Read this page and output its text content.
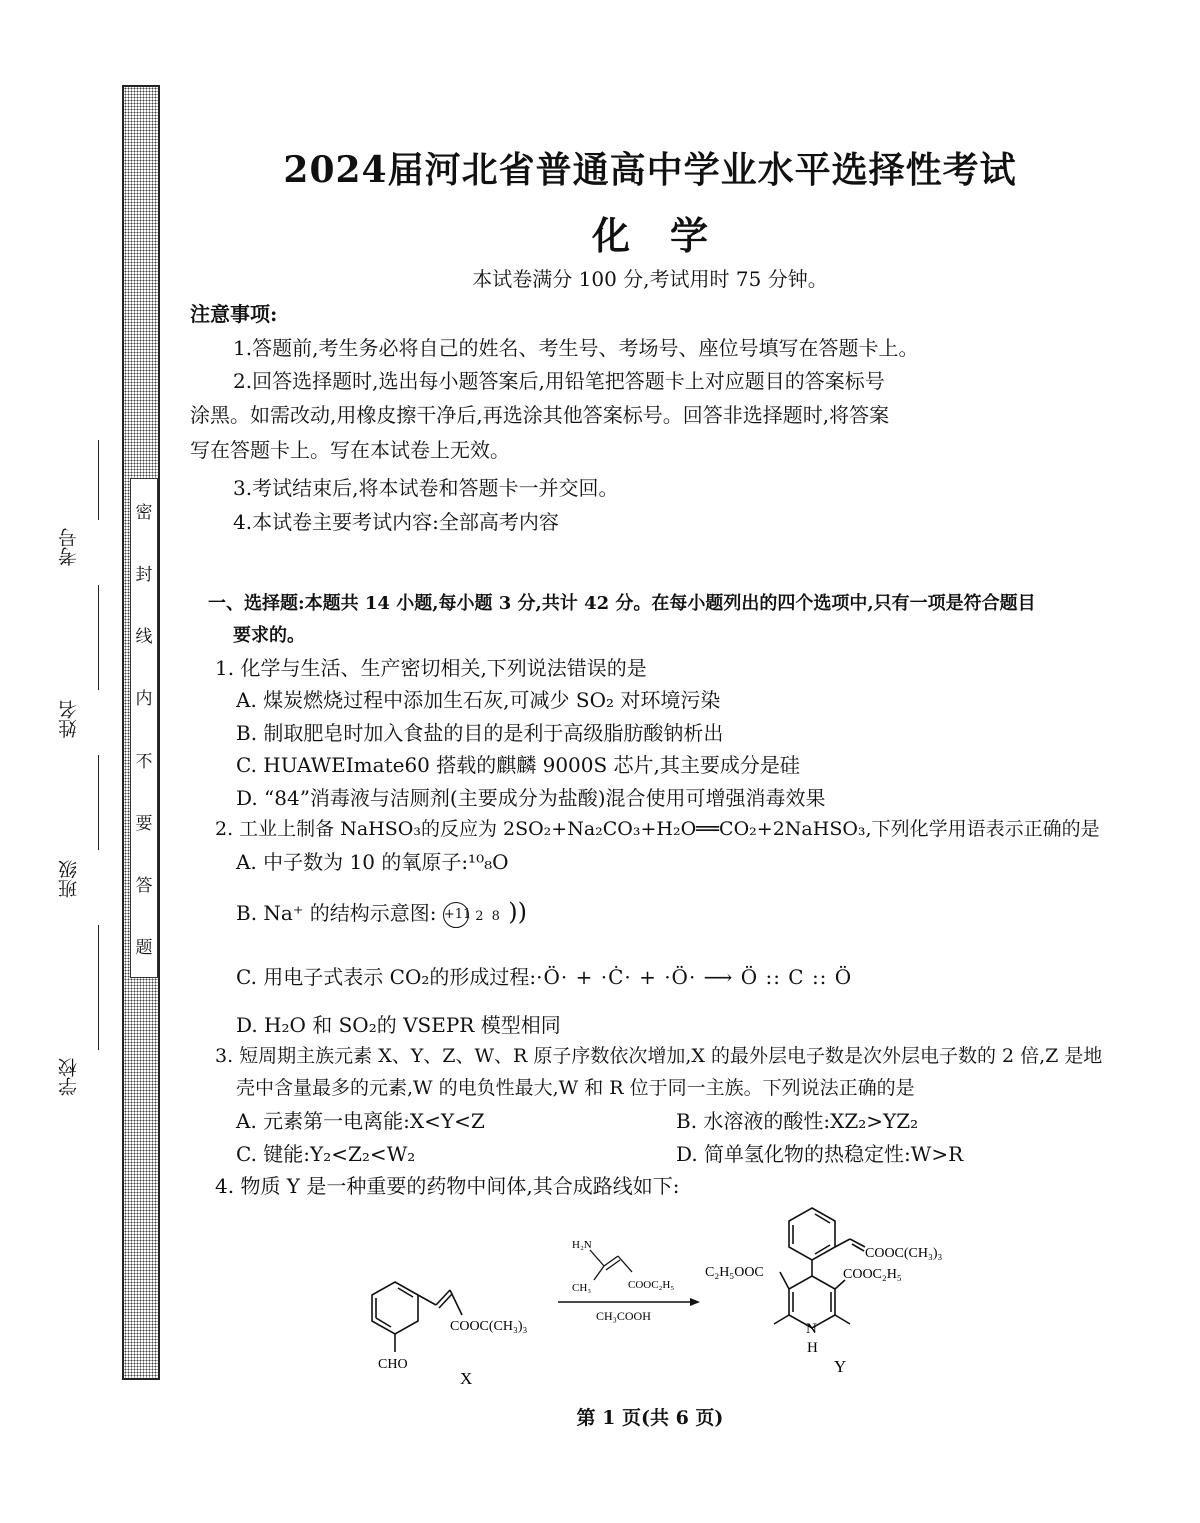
密
封
线
内
不
要
答
题
考号
姓名
班级
学校
2024届河北省普通高中学业水平选择性考试
化学
本试卷满分 100 分,考试用时 75 分钟。
注意事项:
1.答题前,考生务必将自己的姓名、考生号、考场号、座位号填写在答题卡上。
2.回答选择题时,选出每小题答案后,用铅笔把答题卡上对应题目的答案标号
涂黑。如需改动,用橡皮擦干净后,再选涂其他答案标号。回答非选择题时,将答案
写在答题卡上。写在本试卷上无效。
3.考试结束后,将本试卷和答题卡一并交回。
4.本试卷主要考试内容:全部高考内容
一、选择题:本题共 14 小题,每小题 3 分,共计 42 分。在每小题列出的四个选项中,只有一项是符合题目
要求的。
1. 化学与生活、生产密切相关,下列说法错误的是
A. 煤炭燃烧过程中添加生石灰,可减少 SO₂ 对环境污染
B. 制取肥皂时加入食盐的目的是利于高级脂肪酸钠析出
C. HUAWEImate60 搭载的麒麟 9000S 芯片,其主要成分是硅
D. “84”消毒液与洁厕剂(主要成分为盐酸)混合使用可增强消毒效果
2. 工业上制备 NaHSO₃的反应为 2SO₂+Na₂CO₃+H₂O══CO₂+2NaHSO₃,下列化学用语表示正确的是
A. 中子数为 10 的氧原子:¹⁰₈O
B. Na⁺ 的结构示意图: +11 2 8 ))
C. 用电子式表示 CO₂的形成过程:·Ö· + ·Ċ· + ·Ö· ⟶ Ö :: C :: Ö
D. H₂O 和 SO₂的 VSEPR 模型相同
3. 短周期主族元素 X、Y、Z、W、R 原子序数依次增加,X 的最外层电子数是次外层电子数的 2 倍,Z 是地
壳中含量最多的元素,W 的电负性最大,W 和 R 位于同一主族。下列说法正确的是
A. 元素第一电离能:X<Y<Z	B. 水溶液的酸性:XZ₂>YZ₂
C. 键能:Y₂<Z₂<W₂	D. 简单氢化物的热稳定性:W>R
4. 物质 Y 是一种重要的药物中间体,其合成路线如下:
COOC(CH₃)₃
CHO
X
H₂N
CH₃	COOC₂H₅
CH₃COOH
COOC(CH₃)₃
C₂H₅OOC	COOC₂H₅
N
H
Y
第 1 页(共 6 页)
